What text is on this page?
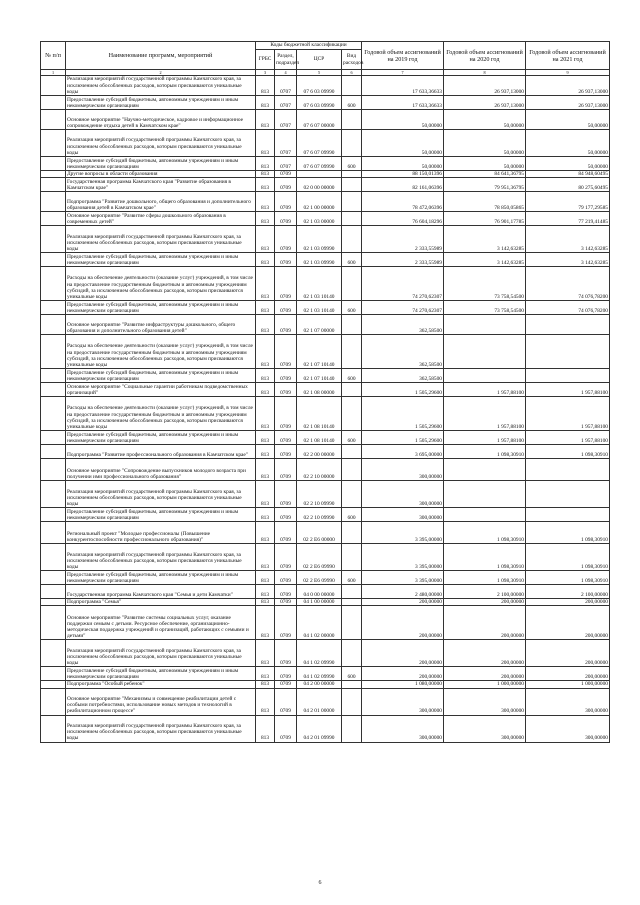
№ п/п	Наименование программ, мероприятий	Коды бюджетной классификации				Годовой объем ассигнований на 2019 год	Годовой объем ассигнований на 2020 год	Годовой объем ассигнований на 2021 год
		ГРБС	Раздел, подраздел	ЦСР	Вид расходов			
1	2	3	4	5	6	7	8	9
	Реализация мероприятий государственной программы Камчатского края, за исключением обособленных расходов, которым присваиваются уникальные коды	813	0707	07 6 03 09990		17 633,36633	26 937,13000	26 937,13000
	Предоставление субсидий бюджетным, автономным учреждениям и иным некоммерческим организациям	813	0707	07 6 03 09990	600	17 633,36633	26 937,13000	26 937,13000
	Основное мероприятие "Научно-методическое, кадровое и информационное сопровождение отдыха детей в Камчатском крае"	813	0707	07 6 07 00000		50,00000	50,00000	50,00000
	Реализация мероприятий государственной программы Камчатского края, за исключением обособленных расходов, которым присваиваются уникальные коды	813	0707	07 6 07 09990		50,00000	50,00000	50,00000
	Предоставление субсидий бюджетным, автономным учреждениям и иным некоммерческим организациям	813	0707	07 6 07 09990	600	50,00000	50,00000	50,00000
	Другие вопросы в области образования	813	0709			88 150,01396	84 641,36795	84 948,60495
	Государственная программа Камчатского края "Развитие образования в Камчатском крае"	813	0709	02 0 00 00000		82 161,06396	79 951,36795	80 275,60495
	Подпрограмма "Развитие дошкольного, общего образования и дополнительного образования детей в Камчатском крае"	813	0709	02 1 00 00000		78 472,06396	78 850,05865	79 177,29585
	Основное мероприятие "Развитие сферы дошкольного образования в современных детей"	813	0709	02 1 03 00000		76 604,18296	76 901,17785	77 219,41485
	Реализация мероприятий государственной программы Камчатского края, за исключением обособленных расходов, которым присваиваются уникальные коды	813	0709	02 1 03 09990		2 333,55989	3 142,63285	3 142,63285
	Предоставление субсидий бюджетным, автономным учреждениям и иным некоммерческим организациям	813	0709	02 1 03 09990	600	2 333,55989	3 142,63285	3 142,63285
	Расходы на обеспечение деятельности (оказание услуг) учреждений, в том числе на предоставление государственным бюджетным и автономным учреждениям субсидий, за исключением обособленных расходов, которым присваиваются уникальные коды	813	0709	02 1 03 10140		74 270,62307	73 758,54500	74 076,78200
	Предоставление субсидий бюджетным, автономным учреждениям и иным некоммерческим организациям	813	0709	02 1 03 10140	600	74 270,62307	73 758,54500	74 076,78200
	Основное мероприятие "Развитие инфраструктуры дошкольного, общего образования и дополнительного образования детей"	813	0709	02 1 07 00000		362,58500		
	Расходы на обеспечение деятельности (оказание услуг) учреждений, в том числе на предоставление государственным бюджетным и автономным учреждениям субсидий, за исключением обособленных расходов, которым присваиваются уникальные коды	813	0709	02 1 07 10140		362,58500		
	Предоставление субсидий бюджетным, автономным учреждениям и иным некоммерческим организациям	813	0709	02 1 07 10140	600	362,58500		
	Основное мероприятие "Социальные гарантии работникам подведомственных организаций"	813	0709	02 1 08 00000		1 505,29600	1 957,88100	1 957,88100
	Расходы на обеспечение деятельности (оказание услуг) учреждений, в том числе на предоставление государственным бюджетным и автономным учреждениям субсидий, за исключением обособленных расходов, которым присваиваются уникальные коды	813	0709	02 1 08 10140		1 505,29600	1 957,88100	1 957,88100
	Предоставление субсидий бюджетным, автономным учреждениям и иным некоммерческим организациям	813	0709	02 1 08 10140	600	1 505,29600	1 957,88100	1 957,88100
	Подпрограмма "Развитие профессионального образования в Камчатском крае"	813	0709	02 2 00 00000		3 695,00000	1 098,30910	1 098,30910
	Основное мероприятие "Сопровождение выпускников молодого возраста при получении ими профессионального образования"	813	0709	02 2 10 00000		300,00000		
	Реализация мероприятий государственной программы Камчатского края, за исключением обособленных расходов, которым присваиваются уникальные коды	813	0709	02 2 10 09990		300,00000		
	Предоставление субсидий бюджетным, автономным учреждениям и иным некоммерческим организациям	813	0709	02 2 10 09990	600	300,00000		
	Региональный проект "Молодые профессионалы (Повышение конкурентоспособности профессионального образования)"	813	0709	02 2 E6 00000		3 395,00000	1 098,30910	1 098,30910
	Реализация мероприятий государственной программы Камчатского края, за исключением обособленных расходов, которым присваиваются уникальные коды	813	0709	02 2 E6 09990		3 395,00000	1 098,30910	1 098,30910
	Предоставление субсидий бюджетным, автономным учреждениям и иным некоммерческим организациям	813	0709	02 2 E6 09990	600	3 395,00000	1 098,30910	1 098,30910
	Государственная программа Камчатского края "Семья и дети Камчатки"	813	0709	04 0 00 00000		2 480,00000	2 100,00000	2 100,00000
	Подпрограмма "Семья"	813	0709	04 1 00 00000		200,00000	200,00000	200,00000
	Основное мероприятие "Развитие системы социальных услуг, оказание поддержки семьям с детьми. Ресурсное обеспечение, организационно-методическая поддержка учреждений и организаций, работающих с семьями и детьми"	813	0709	04 1 02 00000		200,00000	200,00000	200,00000
	Реализация мероприятий государственной программы Камчатского края, за исключением обособленных расходов, которым присваиваются уникальные коды	813	0709	04 1 02 09990		200,00000	200,00000	200,00000
	Предоставление субсидий бюджетным, автономным учреждениям и иным некоммерческим организациям	813	0709	04 1 02 09990	600	200,00000	200,00000	200,00000
	Подпрограмма "Особый ребенок"	813	0709	04 2 00 00000		1 080,00000	1 000,00000	1 000,00000
	Основное мероприятие "Механизмы и совмещение реабилитации детей с особыми потребностями, использование новых методов и технологий в реабилитационном процессе"	813	0709	04 2 01 00000		300,00000	300,00000	300,00000
	Реализация мероприятий государственной программы Камчатского края, за исключением обособленных расходов, которым присваиваются уникальные коды	813	0709	04 2 01 09990		300,00000	300,00000	300,00000
6
